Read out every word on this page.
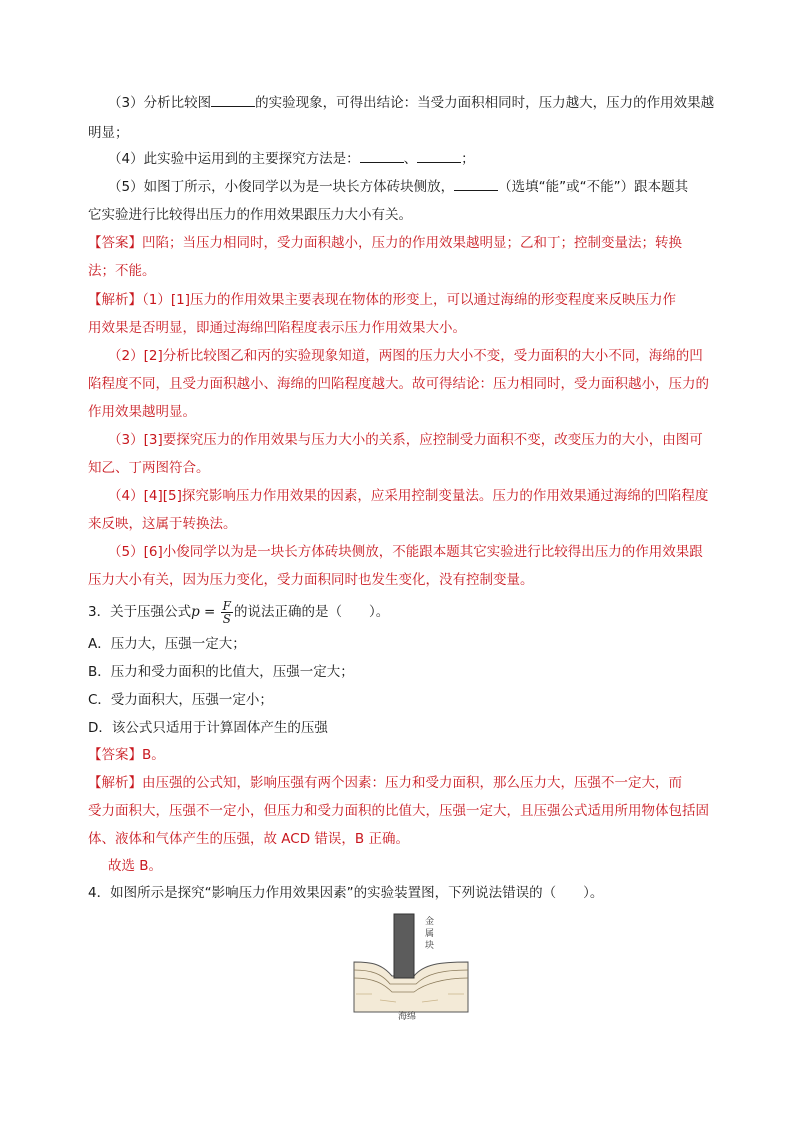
（3）分析比较图	的实验现象，可得出结论：当受力面积相同时，压力越大，压力的作用效果越
明显；
（4）此实验中运用到的主要探究方法是：	、	；
（5）如图丁所示，小俊同学以为是一块长方体砖块侧放，	（选填“能”或“不能”）跟本题其
它实验进行比较得出压力的作用效果跟压力大小有关。
【答案】凹陷；当压力相同时，受力面积越小，压力的作用效果越明显；乙和丁；控制变量法；转换
法；不能。
【解析】（1）[1]压力的作用效果主要表现在物体的形变上，可以通过海绵的形变程度来反映压力作
用效果是否明显，即通过海绵凹陷程度表示压力作用效果大小。
（2）[2]分析比较图乙和丙的实验现象知道，两图的压力大小不变，受力面积的大小不同，海绵的凹
陷程度不同，且受力面积越小、海绵的凹陷程度越大。故可得结论：压力相同时，受力面积越小，压力的
作用效果越明显。
（3）[3]要探究压力的作用效果与压力大小的关系，应控制受力面积不变，改变压力的大小，由图可
知乙、丁两图符合。
（4）[4][5]探究影响压力作用效果的因素，应采用控制变量法。压力的作用效果通过海绵的凹陷程度
来反映，这属于转换法。
（5）[6]小俊同学以为是一块长方体砖块侧放，不能跟本题其它实验进行比较得出压力的作用效果跟
压力大小有关，因为压力变化，受力面积同时也发生变化，没有控制变量。
3．关于压强公式$p = \frac{F}{S}$ 的说法正确的是（　　）。
A．压力大，压强一定大；
B．压力和受力面积的比值大，压强一定大；
C．受力面积大，压强一定小；
D．该公式只适用于计算固体产生的压强
【答案】B。
【解析】由压强的公式知，影响压强有两个因素：压力和受力面积，那么压力大，压强不一定大，而
受力面积大，压强不一定小，但压力和受力面积的比值大，压强一定大，且压强公式适用所用物体包括固
体、液体和气体产生的压强，故 ACD 错误，B 正确。
故选 B。
4．如图所示是探究“影响压力作用效果因素”的实验装置图，下列说法错误的（　　）。
金属块
海绵
